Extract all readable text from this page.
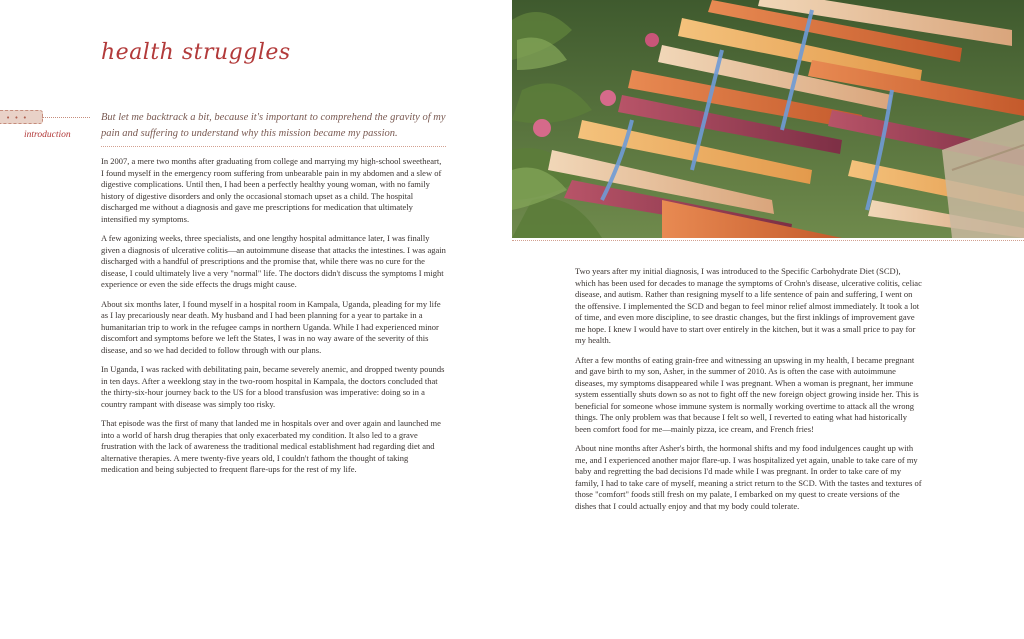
health struggles
• • •
introduction
But let me backtrack a bit, because it's important to comprehend the gravity of my pain and suffering to understand why this mission became my passion.

In 2007, a mere two months after graduating from college and marrying my high-school sweetheart, I found myself in the emergency room suffering from unbearable pain in my abdomen and a slew of digestive complications. Until then, I had been a perfectly healthy young woman, with no family history of digestive disorders and only the occasional stomach upset as a child. The hospital discharged me without a diagnosis and gave me prescriptions for medication that ultimately intensified my symptoms.

A few agonizing weeks, three specialists, and one lengthy hospital admittance later, I was finally given a diagnosis of ulcerative colitis—an autoimmune disease that attacks the intestines. I was again discharged with a handful of prescriptions and the promise that, while there was no cure for the disease, I could ultimately live a very "normal" life. The doctors didn't discuss the symptoms I might experience or even the side effects the drugs might cause.

About six months later, I found myself in a hospital room in Kampala, Uganda, pleading for my life as I lay precariously near death. My husband and I had been planning for a year to partake in a humanitarian trip to work in the refugee camps in northern Uganda. While I had experienced minor discomfort and symptoms before we left the States, I was in no way aware of the severity of this disease, and so we had decided to follow through with our plans.

In Uganda, I was racked with debilitating pain, became severely anemic, and dropped twenty pounds in ten days. After a weeklong stay in the two-room hospital in Kampala, the doctors concluded that the thirty-six-hour journey back to the US for a blood transfusion was imperative: doing so in a country rampant with disease was simply too risky.

That episode was the first of many that landed me in hospitals over and over again and launched me into a world of harsh drug therapies that only exacerbated my condition. It also led to a grave frustration with the lack of awareness the traditional medical establishment had regarding diet and alternative therapies. A mere twenty-five years old, I couldn't fathom the thought of taking medication and being subjected to frequent flare-ups for the rest of my life.

Two years after my initial diagnosis, I was introduced to the Specific Carbohydrate Diet (SCD), which has been used for decades to manage the symptoms of Crohn's disease, ulcerative colitis, celiac disease, and autism. Rather than resigning myself to a life sentence of pain and suffering, I went on the offensive. I implemented the SCD and began to feel minor relief almost immediately. It took a lot of time, and even more discipline, to see drastic changes, but the first inklings of improvement gave me hope. I knew I would have to start over entirely in the kitchen, but it was a small price to pay for my health.

After a few months of eating grain-free and witnessing an upswing in my health, I became pregnant and gave birth to my son, Asher, in the summer of 2010. As is often the case with autoimmune diseases, my symptoms disappeared while I was pregnant. When a woman is pregnant, her immune system essentially shuts down so as not to fight off the new foreign object growing inside her. This is beneficial for someone whose immune system is normally working overtime to attack all the wrong things. The only problem was that because I felt so well, I reverted to eating what had historically been comfort food for me—mainly pizza, ice cream, and French fries!

About nine months after Asher's birth, the hormonal shifts and my food indulgences caught up with me, and I experienced another major flare-up. I was hospitalized yet again, unable to take care of my baby and regretting the bad decisions I'd made while I was pregnant. In order to take care of my family, I had to take care of myself, meaning a strict return to the SCD. With the tastes and textures of those "comfort" foods still fresh on my palate, I embarked on my quest to create versions of the dishes that I could actually enjoy and that my body could tolerate.
